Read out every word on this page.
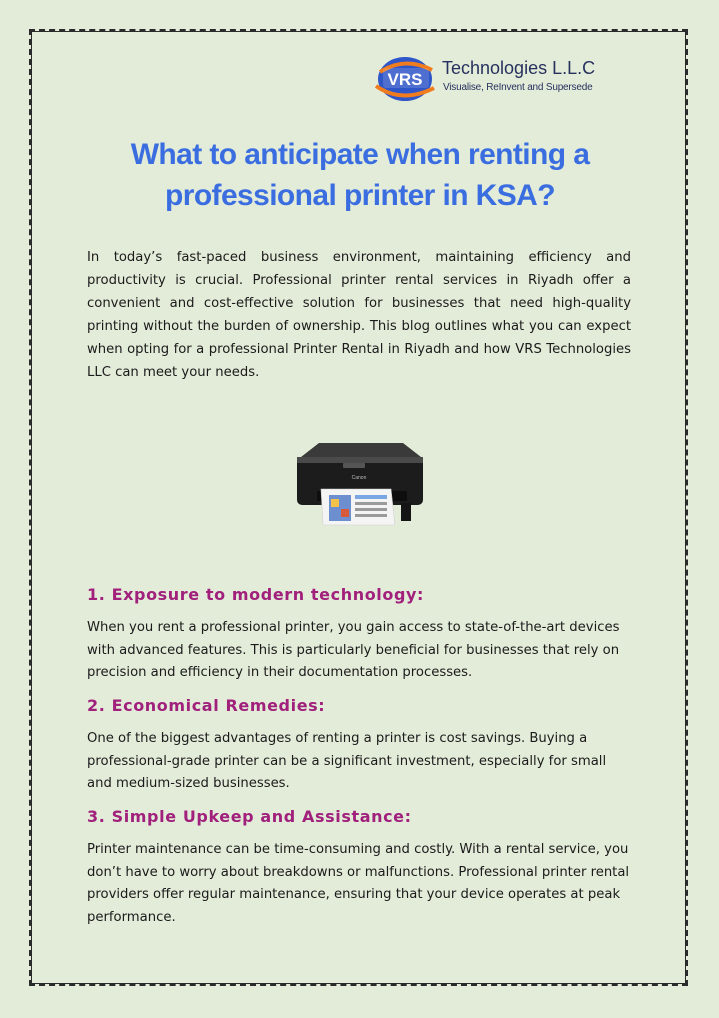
VRS
Technologies L.L.C
Visualise, ReInvent and Supersede
What to anticipate when renting a professional printer in KSA?

In today’s fast-paced business environment, maintaining efficiency and productivity is crucial. Professional printer rental services in Riyadh offer a convenient and cost-effective solution for businesses that need high-quality printing without the burden of ownership. This blog outlines what you can expect when opting for a professional Printer Rental in Riyadh and how VRS Technologies LLC can meet your needs.

Canon
1. Exposure to modern technology:

When you rent a professional printer, you gain access to state-of-the-art devices with advanced features. This is particularly beneficial for businesses that rely on precision and efficiency in their documentation processes.

2. Economical Remedies:

One of the biggest advantages of renting a printer is cost savings. Buying a professional-grade printer can be a significant investment, especially for small and medium-sized businesses.

3. Simple Upkeep and Assistance:

Printer maintenance can be time-consuming and costly. With a rental service, you don’t have to worry about breakdowns or malfunctions. Professional printer rental providers offer regular maintenance, ensuring that your device operates at peak performance.
